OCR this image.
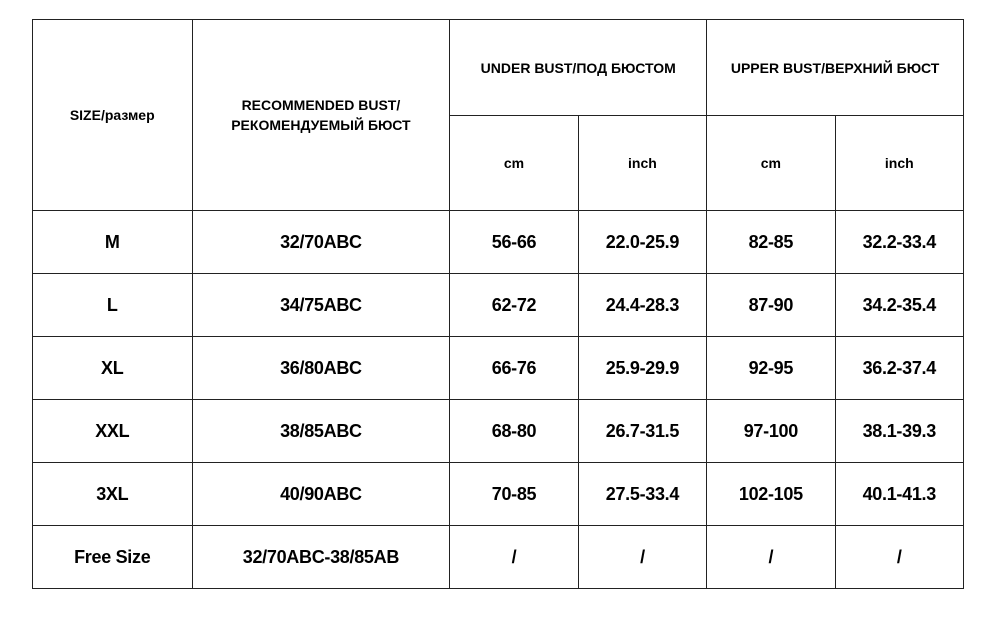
SIZE/размер	RECOMMENDED BUST/
РЕКОМЕНДУЕМЫЙ БЮСТ	UNDER BUST/ПОД БЮСТОМ		UPPER BUST/ВЕРХНИЙ БЮСТ	
		cm	inch	cm	inch
M	32/70ABC	56-66	22.0-25.9	82-85	32.2-33.4
L	34/75ABC	62-72	24.4-28.3	87-90	34.2-35.4
XL	36/80ABC	66-76	25.9-29.9	92-95	36.2-37.4
XXL	38/85ABC	68-80	26.7-31.5	97-100	38.1-39.3
3XL	40/90ABC	70-85	27.5-33.4	102-105	40.1-41.3
Free Size	32/70ABC-38/85AB	/	/	/	/
